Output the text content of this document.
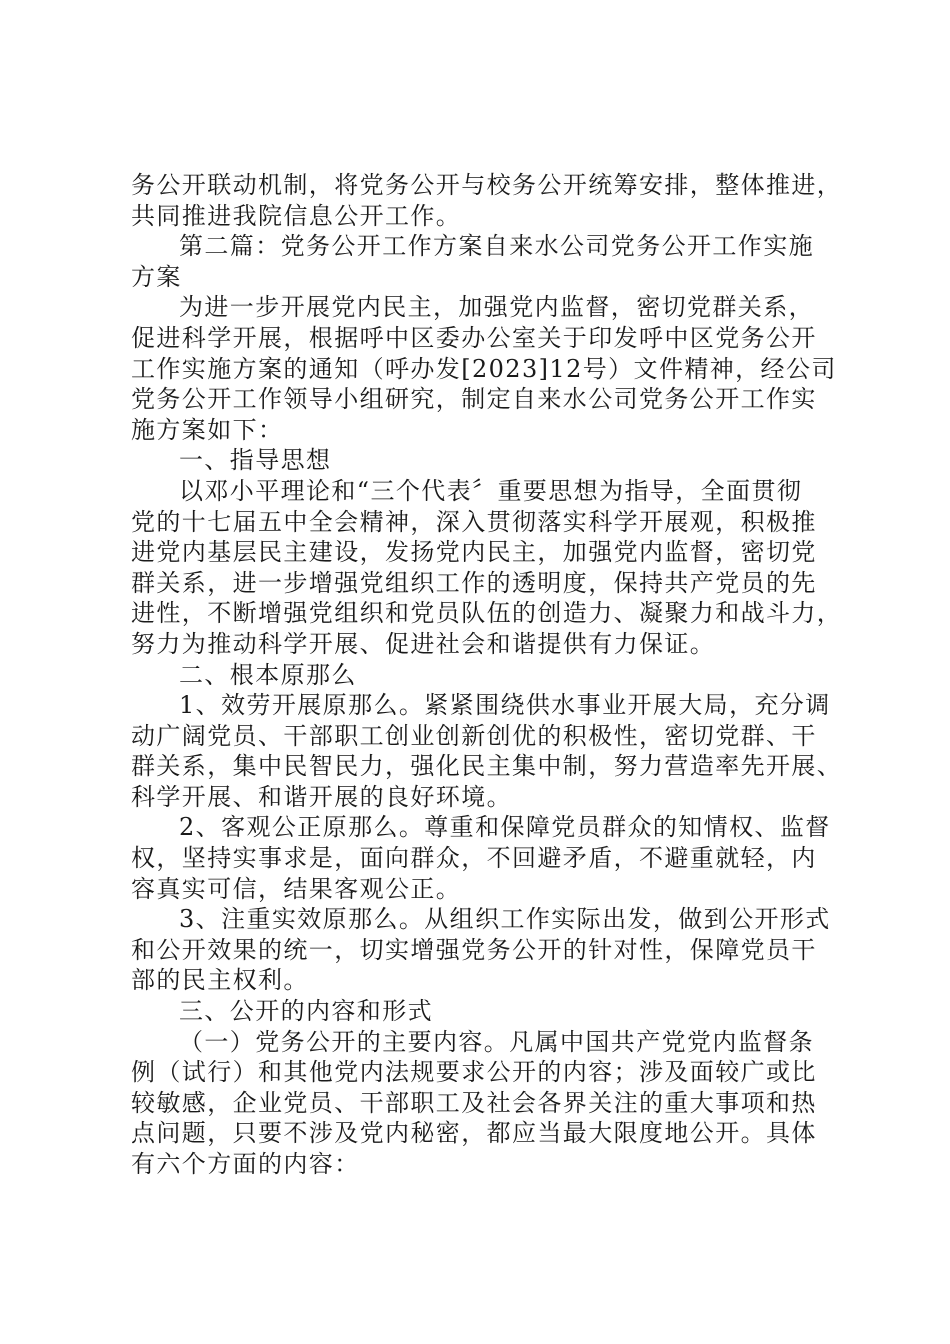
务公开联动机制，将党务公开与校务公开统筹安排，整体推进，
共同推进我院信息公开工作。
第二篇：党务公开工作方案自来水公司党务公开工作实施
方案
为进一步开展党内民主，加强党内监督，密切党群关系，
促进科学开展，根据呼中区委办公室关于印发呼中区党务公开
工作实施方案的通知（呼办发[2023]12号）文件精神，经公司
党务公开工作领导小组研究，制定自来水公司党务公开工作实
施方案如下：
一、指导思想
以邓小平理论和“三个代表〞重要思想为指导，全面贯彻
党的十七届五中全会精神，深入贯彻落实科学开展观，积极推
进党内基层民主建设，发扬党内民主，加强党内监督，密切党
群关系，进一步增强党组织工作的透明度，保持共产党员的先
进性，不断增强党组织和党员队伍的创造力、凝聚力和战斗力，
努力为推动科学开展、促进社会和谐提供有力保证。
二、根本原那么
1、效劳开展原那么。紧紧围绕供水事业开展大局，充分调
动广阔党员、干部职工创业创新创优的积极性，密切党群、干
群关系，集中民智民力，强化民主集中制，努力营造率先开展、
科学开展、和谐开展的良好环境。
2、客观公正原那么。尊重和保障党员群众的知情权、监督
权，坚持实事求是，面向群众，不回避矛盾，不避重就轻，内
容真实可信，结果客观公正。
3、注重实效原那么。从组织工作实际出发，做到公开形式
和公开效果的统一，切实增强党务公开的针对性，保障党员干
部的民主权利。
三、公开的内容和形式
（一）党务公开的主要内容。凡属中国共产党党内监督条
例（试行）和其他党内法规要求公开的内容；涉及面较广或比
较敏感，企业党员、干部职工及社会各界关注的重大事项和热
点问题，只要不涉及党内秘密，都应当最大限度地公开。具体
有六个方面的内容：
